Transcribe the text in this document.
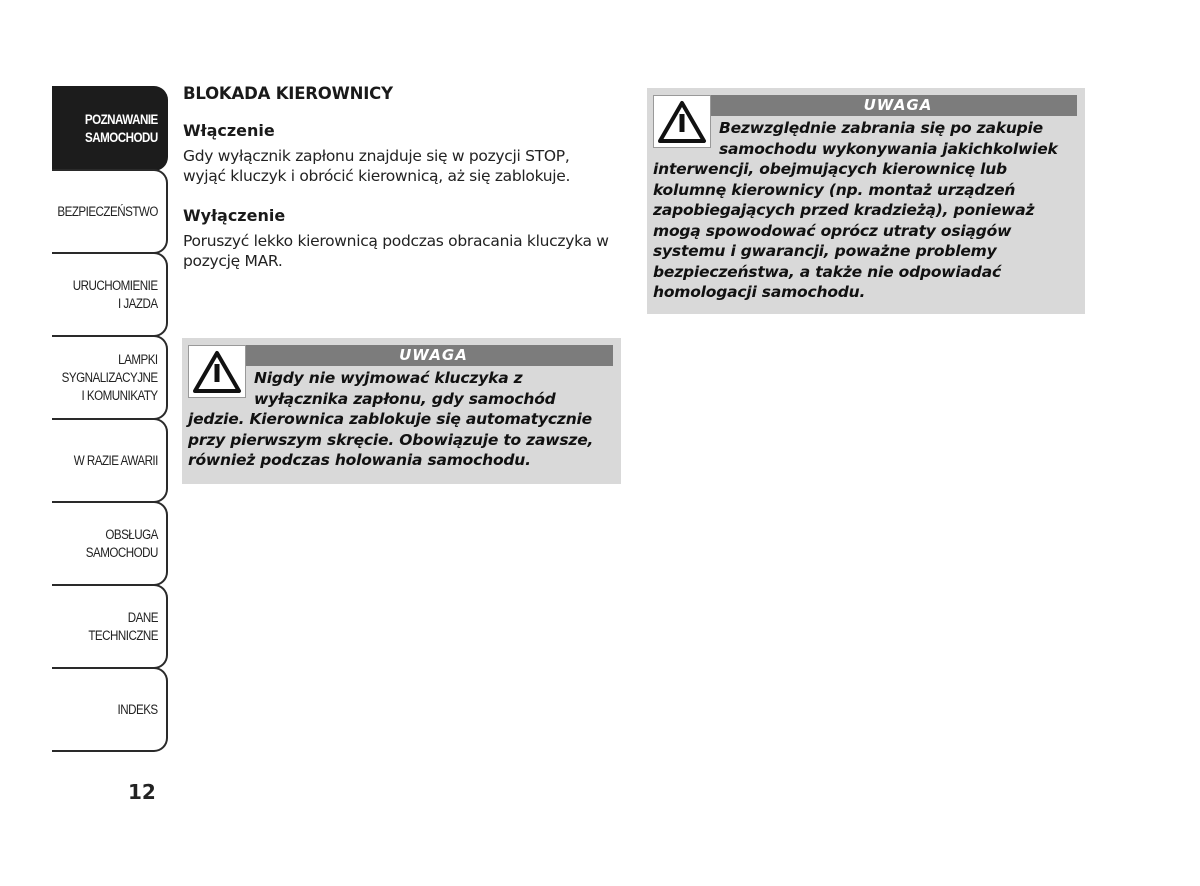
POZNAWANIE
SAMOCHODU
BEZPIECZEŃSTWO
URUCHOMIENIE
I JAZDA
LAMPKI
SYGNALIZACYJNE
I KOMUNIKATY
W RAZIE AWARII
OBSŁUGA
SAMOCHODU
DANE
TECHNICZNE
INDEKS
12
BLOKADA KIEROWNICY
Włączenie

Gdy wyłącznik zapłonu znajduje się w pozycji STOP, wyjąć kluczyk i obrócić kierownicą, aż się zablokuje.

Wyłączenie

Poruszyć lekko kierownicą podczas obracania kluczyka w pozycję MAR.

UWAGA
Nigdy nie wyjmować kluczyka z wyłącznika zapłonu, gdy samochód jedzie. Kierownica zablokuje się automatycznie przy pierwszym skręcie. Obowiązuje to zawsze, również podczas holowania samochodu.
UWAGA
Bezwzględnie zabrania się po zakupie samochodu wykonywania jakichkolwiek interwencji, obejmujących kierownicę lub kolumnę kierownicy (np. montaż urządzeń zapobiegających przed kradzieżą), ponieważ mogą spowodować oprócz utraty osiągów systemu i gwarancji, poważne problemy bezpieczeństwa, a także nie odpowiadać homologacji samochodu.
